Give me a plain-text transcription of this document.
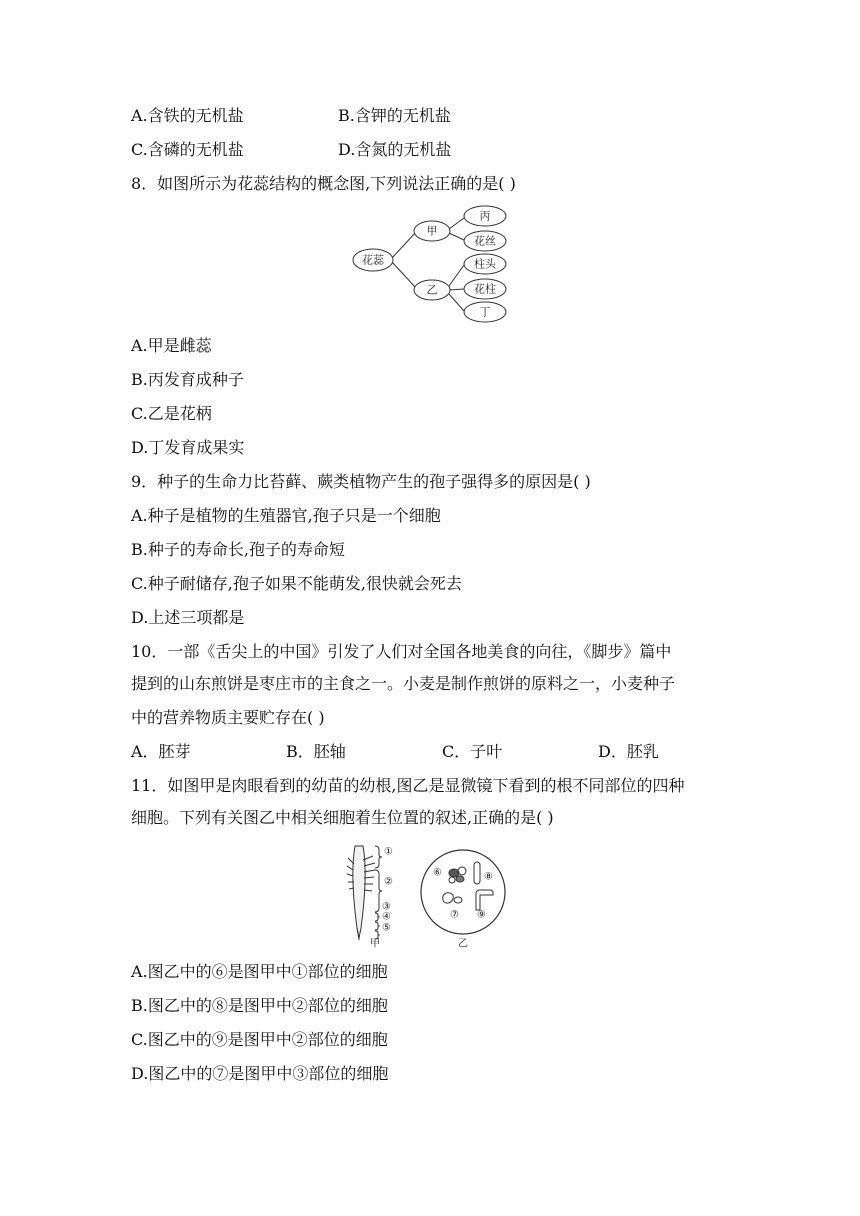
A.含铁的无机盐	B.含钾的无机盐
C.含磷的无机盐	D.含氮的无机盐
8．如图所示为花蕊结构的概念图,下列说法正确的是( )
花蕊
甲
乙
丙
花丝
柱头
花柱
丁
A.甲是雌蕊
B.丙发育成种子
C.乙是花柄
D.丁发育成果实
9．种子的生命力比苔藓、蕨类植物产生的孢子强得多的原因是( )
A.种子是植物的生殖器官,孢子只是一个细胞
B.种子的寿命长,孢子的寿命短
C.种子耐储存,孢子如果不能萌发,很快就会死去
D.上述三项都是
10．一部《舌尖上的中国》引发了人们对全国各地美食的向往，《脚步》篇中
提到的山东煎饼是枣庄市的主食之一。小麦是制作煎饼的原料之一，小麦种子
中的营养物质主要贮存在( )
A．胚芽	B．胚轴	C．子叶	D．胚乳
11．如图甲是肉眼看到的幼苗的幼根,图乙是显微镜下看到的根不同部位的四种
细胞。下列有关图乙中相关细胞着生位置的叙述,正确的是( )
①
②
③
④
⑤
甲
⑥
⑦
⑧
⑨
乙
A.图乙中的⑥是图甲中①部位的细胞
B.图乙中的⑧是图甲中②部位的细胞
C.图乙中的⑨是图甲中②部位的细胞
D.图乙中的⑦是图甲中③部位的细胞
